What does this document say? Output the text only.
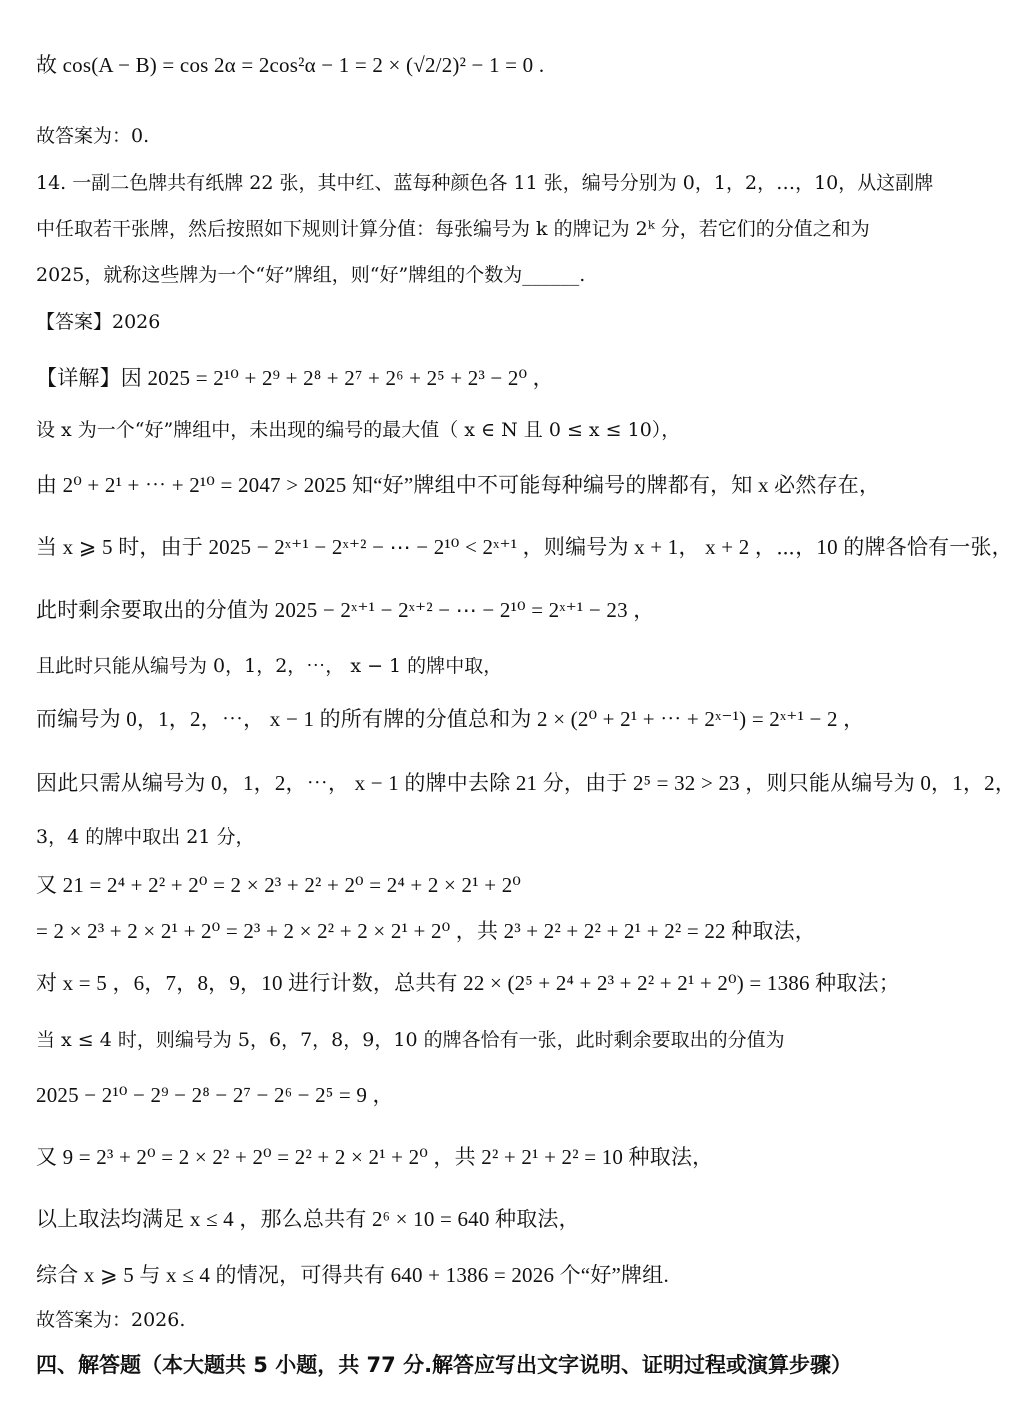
故 cos(A − B) = cos 2α = 2cos²α − 1 = 2 × (√2/2)² − 1 = 0 .
故答案为：0.
14. 一副二色牌共有纸牌 22 张，其中红、蓝每种颜色各 11 张，编号分别为 0，1，2，…，10，从这副牌
中任取若干张牌，然后按照如下规则计算分值：每张编号为 k 的牌记为 2ᵏ 分，若它们的分值之和为
2025，就称这些牌为一个“好”牌组，则“好”牌组的个数为______.
【答案】2026
【详解】因 2025 = 2¹⁰ + 2⁹ + 2⁸ + 2⁷ + 2⁶ + 2⁵ + 2³ − 2⁰ ，
设 x 为一个“好”牌组中，未出现的编号的最大值（ x ∈ N 且 0 ≤ x ≤ 10），
由 2⁰ + 2¹ + ⋯ + 2¹⁰ = 2047 > 2025 知“好”牌组中不可能每种编号的牌都有，知 x 必然存在，
当 x ⩾ 5 时，由于 2025 − 2ˣ⁺¹ − 2ˣ⁺² − ⋯ − 2¹⁰ < 2ˣ⁺¹ ，则编号为 x + 1， x + 2 ，⋯，10 的牌各恰有一张，
此时剩余要取出的分值为 2025 − 2ˣ⁺¹ − 2ˣ⁺² − ⋯ − 2¹⁰ = 2ˣ⁺¹ − 23 ，
且此时只能从编号为 0，1，2，⋯， x − 1 的牌中取，
而编号为 0，1，2，⋯， x − 1 的所有牌的分值总和为 2 × (2⁰ + 2¹ + ⋯ + 2ˣ⁻¹) = 2ˣ⁺¹ − 2 ，
因此只需从编号为 0，1，2，⋯， x − 1 的牌中去除 21 分，由于 2⁵ = 32 > 23 ，则只能从编号为 0，1，2，
3，4 的牌中取出 21 分，
又 21 = 2⁴ + 2² + 2⁰ = 2 × 2³ + 2² + 2⁰ = 2⁴ + 2 × 2¹ + 2⁰
= 2 × 2³ + 2 × 2¹ + 2⁰ = 2³ + 2 × 2² + 2 × 2¹ + 2⁰ ，共 2³ + 2² + 2² + 2¹ + 2² = 22 种取法，
对 x = 5 ，6，7，8，9，10 进行计数，总共有 22 × (2⁵ + 2⁴ + 2³ + 2² + 2¹ + 2⁰) = 1386 种取法；
当 x ≤ 4 时，则编号为 5，6，7，8，9，10 的牌各恰有一张，此时剩余要取出的分值为
2025 − 2¹⁰ − 2⁹ − 2⁸ − 2⁷ − 2⁶ − 2⁵ = 9 ，
又 9 = 2³ + 2⁰ = 2 × 2² + 2⁰ = 2² + 2 × 2¹ + 2⁰ ，共 2² + 2¹ + 2² = 10 种取法，
以上取法均满足 x ≤ 4 ，那么总共有 2⁶ × 10 = 640 种取法，
综合 x ⩾ 5 与 x ≤ 4 的情况，可得共有 640 + 1386 = 2026 个“好”牌组.
故答案为：2026.
四、解答题（本大题共 5 小题，共 77 分.解答应写出文字说明、证明过程或演算步骤）
